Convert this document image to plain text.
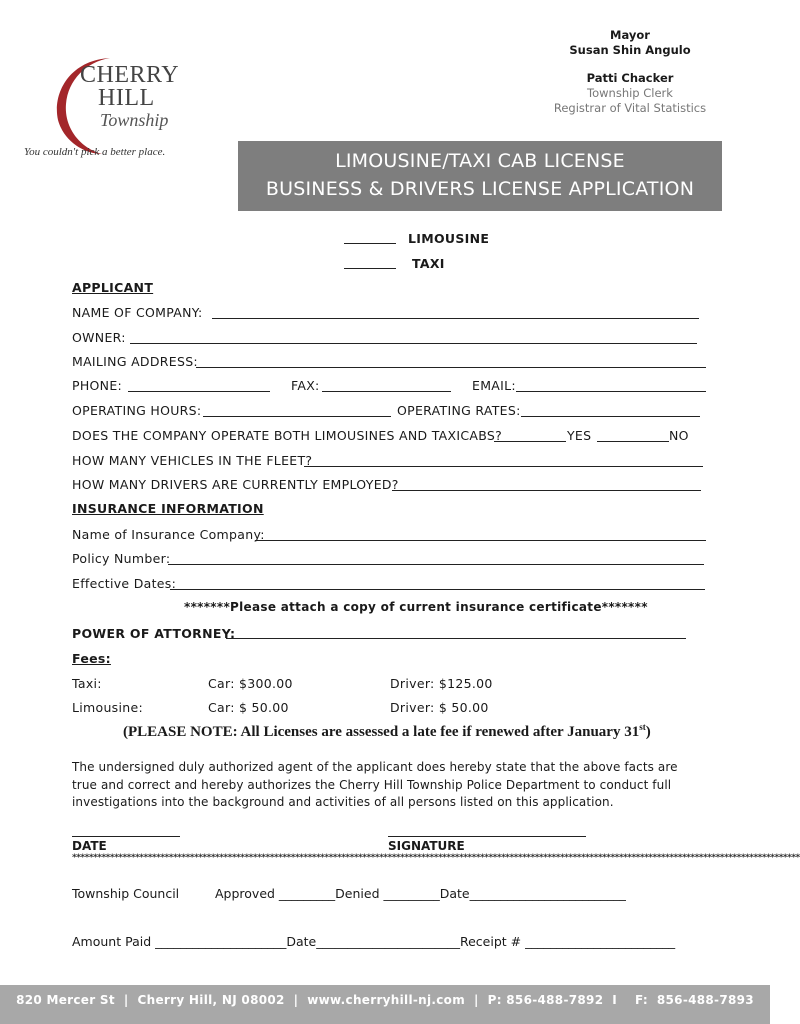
CHERRY
HILL
Township
You couldn't pick a better place.
Mayor
Susan Shin Angulo
Patti Chacker
Township Clerk
Registrar of Vital Statistics
LIMOUSINE/TAXI CAB LICENSE
BUSINESS & DRIVERS LICENSE APPLICATION
LIMOUSINE
TAXI
APPLICANT
NAME OF COMPANY:
OWNER:
MAILING ADDRESS:
PHONE:	FAX:	EMAIL:
OPERATING HOURS:	OPERATING RATES:
DOES THE COMPANY OPERATE BOTH LIMOUSINES AND TAXICABS?	YES	NO
HOW MANY VEHICLES IN THE FLEET?
HOW MANY DRIVERS ARE CURRENTLY EMPLOYED?
INSURANCE INFORMATION
Name of Insurance Company:
Policy Number:
Effective Dates:
*******Please attach a copy of current insurance certificate*******
POWER OF ATTORNEY:
Fees:
Taxi:	Car: $300.00	Driver: $125.00
Limousine:	Car: $ 50.00	Driver: $ 50.00
(PLEASE NOTE: All Licenses are assessed a late fee if renewed after January 31st)
The undersigned duly authorized agent of the applicant does hereby state that the above facts are true and correct and hereby authorizes the Cherry Hill Township Police Department to conduct full investigations into the background and activities of all persons listed on this application.
DATE	SIGNATURE
*****************************************************************************************************************************************************************************
Township Council	Approved _________Denied _________Date_________________________
Amount Paid _____________________Date_______________________Receipt # ________________________
820 Mercer St  |  Cherry Hill, NJ 08002  |  www.cherryhill-nj.com  |  P: 856-488-7892  I    F:  856-488-7893
